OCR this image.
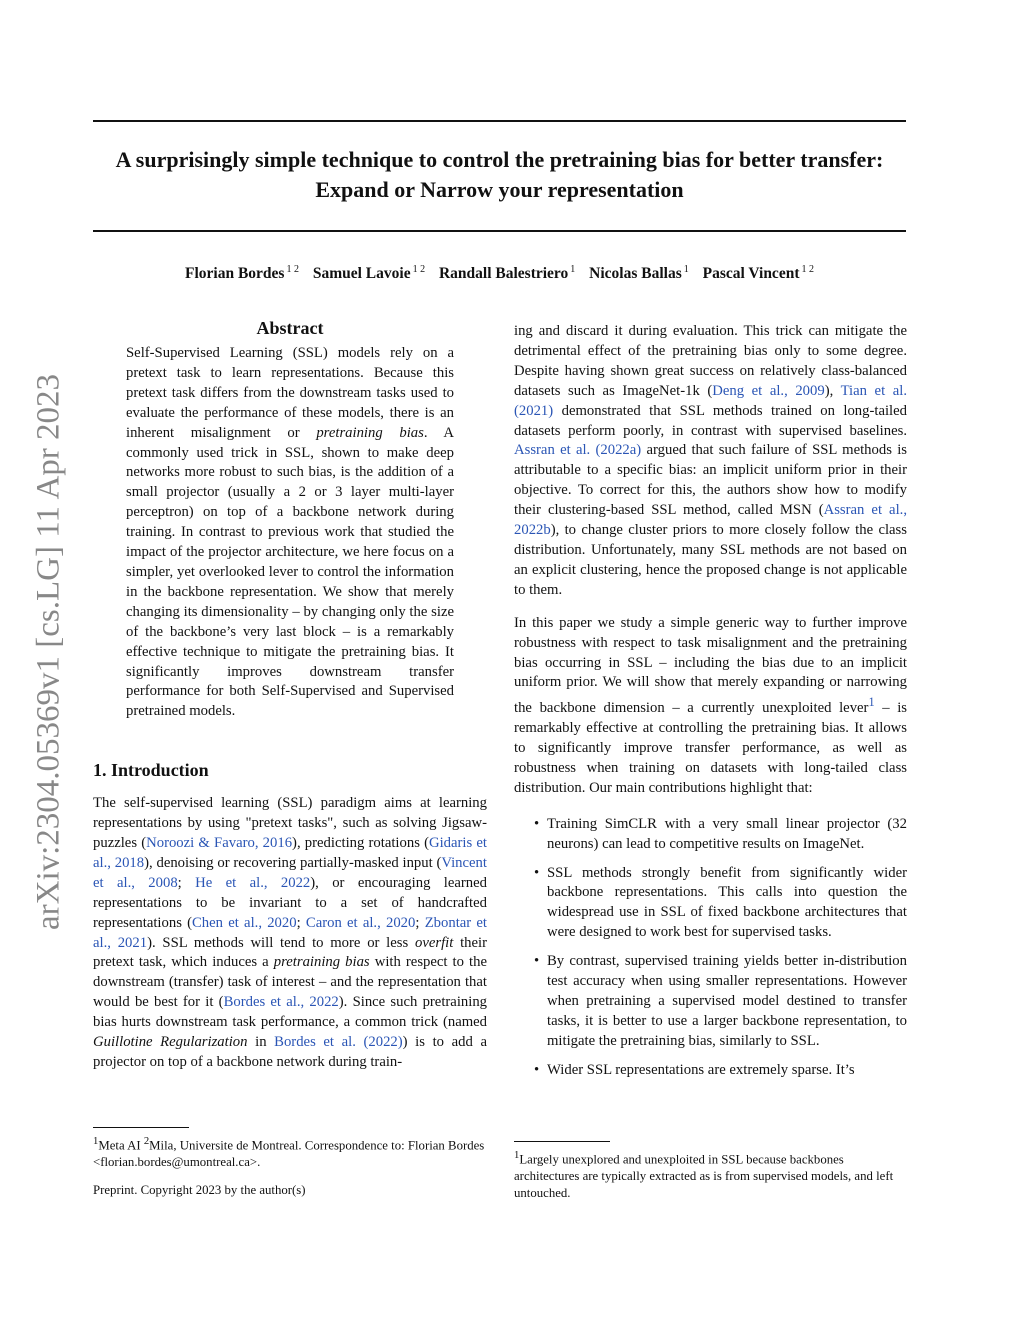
A surprisingly simple technique to control the pretraining bias for better transfer: Expand or Narrow your representation
Florian Bordes $^{1 2}$ Samuel Lavoie $^{1 2}$ Randall Balestriero $^1$ Nicolas Ballas $^1$ Pascal Vincent $^{1 2}$
arXiv:2304.05369v1 [cs.LG] 11 Apr 2023
Abstract

Self-Supervised Learning (SSL) models rely on a pretext task to learn representations. Because this pretext task differs from the downstream tasks used to evaluate the performance of these models, there is an inherent misalignment or pretraining bias. A commonly used trick in SSL, shown to make deep networks more robust to such bias, is the addition of a small projector (usually a 2 or 3 layer multi-layer perceptron) on top of a backbone network during training. In contrast to previous work that studied the impact of the projector architecture, we here focus on a simpler, yet overlooked lever to control the information in the backbone representation. We show that merely changing its dimensionality – by changing only the size of the backbone’s very last block – is a remarkably effective technique to mitigate the pretraining bias. It significantly improves downstream transfer performance for both Self-Supervised and Supervised pretrained models.

1. Introduction

The self-supervised learning (SSL) paradigm aims at learning representations by using "pretext tasks", such as solving Jigsaw-puzzles (Noroozi & Favaro, 2016), predicting rotations (Gidaris et al., 2018), denoising or recovering partially-masked input (Vincent et al., 2008; He et al., 2022), or encouraging learned representations to be invariant to a set of handcrafted representations (Chen et al., 2020; Caron et al., 2020; Zbontar et al., 2021). SSL methods will tend to more or less overfit their pretext task, which induces a pretraining bias with respect to the downstream (transfer) task of interest – and the representation that would be best for it (Bordes et al., 2022). Since such pretraining bias hurts downstream task performance, a common trick (named Guillotine Regularization in Bordes et al. (2022)) is to add a projector on top of a backbone network during train-

$^1$Meta AI $^2$Mila, Universite de Montreal. Correspondence to: Florian Bordes <florian.bordes@umontreal.ca>.

Preprint. Copyright 2023 by the author(s)

ing and discard it during evaluation. This trick can mitigate the detrimental effect of the pretraining bias only to some degree. Despite having shown great success on relatively class-balanced datasets such as ImageNet-1k (Deng et al., 2009), Tian et al. (2021) demonstrated that SSL methods trained on long-tailed datasets perform poorly, in contrast with supervised baselines. Assran et al. (2022a) argued that such failure of SSL methods is attributable to a specific bias: an implicit uniform prior in their objective. To correct for this, the authors show how to modify their clustering-based SSL method, called MSN (Assran et al., 2022b), to change cluster priors to more closely follow the class distribution. Unfortunately, many SSL methods are not based on an explicit clustering, hence the proposed change is not applicable to them.

In this paper we study a simple generic way to further improve robustness with respect to task misalignment and the pretraining bias occurring in SSL – including the bias due to an implicit uniform prior. We will show that merely expanding or narrowing the backbone dimension – a currently unexploited lever$^1$ – is remarkably effective at controlling the pretraining bias. It allows to significantly improve transfer performance, as well as robustness when training on datasets with long-tailed class distribution. Our main contributions highlight that:

• Training SimCLR with a very small linear projector (32 neurons) can lead to competitive results on ImageNet.
• SSL methods strongly benefit from significantly wider backbone representations. This calls into question the widespread use in SSL of fixed backbone architectures that were designed to work best for supervised tasks.
• By contrast, supervised training yields better in-distribution test accuracy when using smaller representations. However when pretraining a supervised model destined to transfer tasks, it is better to use a larger backbone representation, to mitigate the pretraining bias, similarly to SSL.
• Wider SSL representations are extremely sparse. It’s

$^1$Largely unexplored and unexploited in SSL because backbones architectures are typically extracted as is from supervised models, and left untouched.
